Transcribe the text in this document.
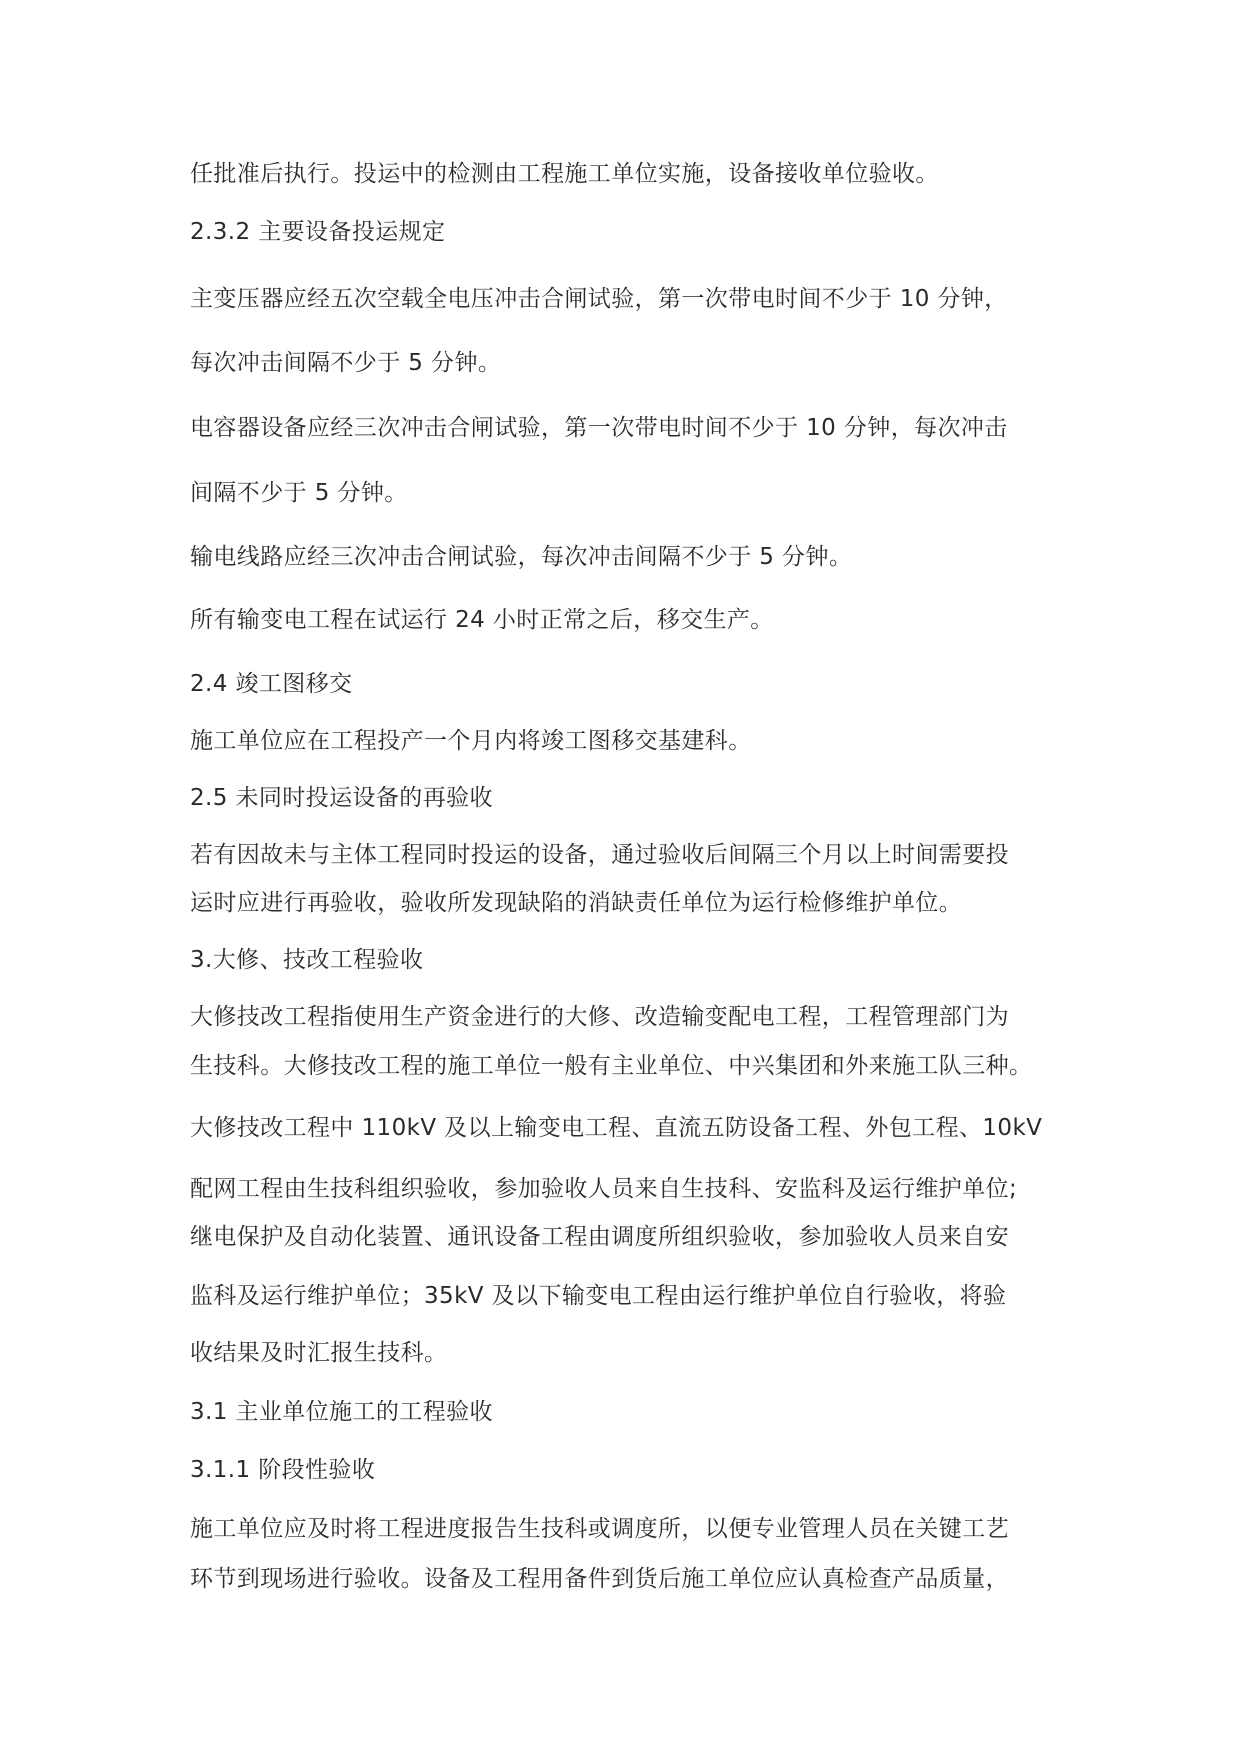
任批准后执行。投运中的检测由工程施工单位实施，设备接收单位验收。
2.3.2 主要设备投运规定
主变压器应经五次空载全电压冲击合闸试验，第一次带电时间不少于 10 分钟，
每次冲击间隔不少于 5 分钟。
电容器设备应经三次冲击合闸试验，第一次带电时间不少于 10 分钟，每次冲击
间隔不少于 5 分钟。
输电线路应经三次冲击合闸试验，每次冲击间隔不少于 5 分钟。
所有输变电工程在试运行 24 小时正常之后，移交生产。
2.4 竣工图移交
施工单位应在工程投产一个月内将竣工图移交基建科。
2.5 未同时投运设备的再验收
若有因故未与主体工程同时投运的设备，通过验收后间隔三个月以上时间需要投
运时应进行再验收，验收所发现缺陷的消缺责任单位为运行检修维护单位。
3.大修、技改工程验收
大修技改工程指使用生产资金进行的大修、改造输变配电工程，工程管理部门为
生技科。大修技改工程的施工单位一般有主业单位、中兴集团和外来施工队三种。
大修技改工程中 110kV 及以上输变电工程、直流五防设备工程、外包工程、10kV
配网工程由生技科组织验收，参加验收人员来自生技科、安监科及运行维护单位;
继电保护及自动化装置、通讯设备工程由调度所组织验收，参加验收人员来自安
监科及运行维护单位；35kV 及以下输变电工程由运行维护单位自行验收，将验
收结果及时汇报生技科。
3.1 主业单位施工的工程验收
3.1.1 阶段性验收
施工单位应及时将工程进度报告生技科或调度所，以便专业管理人员在关键工艺
环节到现场进行验收。设备及工程用备件到货后施工单位应认真检查产品质量，
